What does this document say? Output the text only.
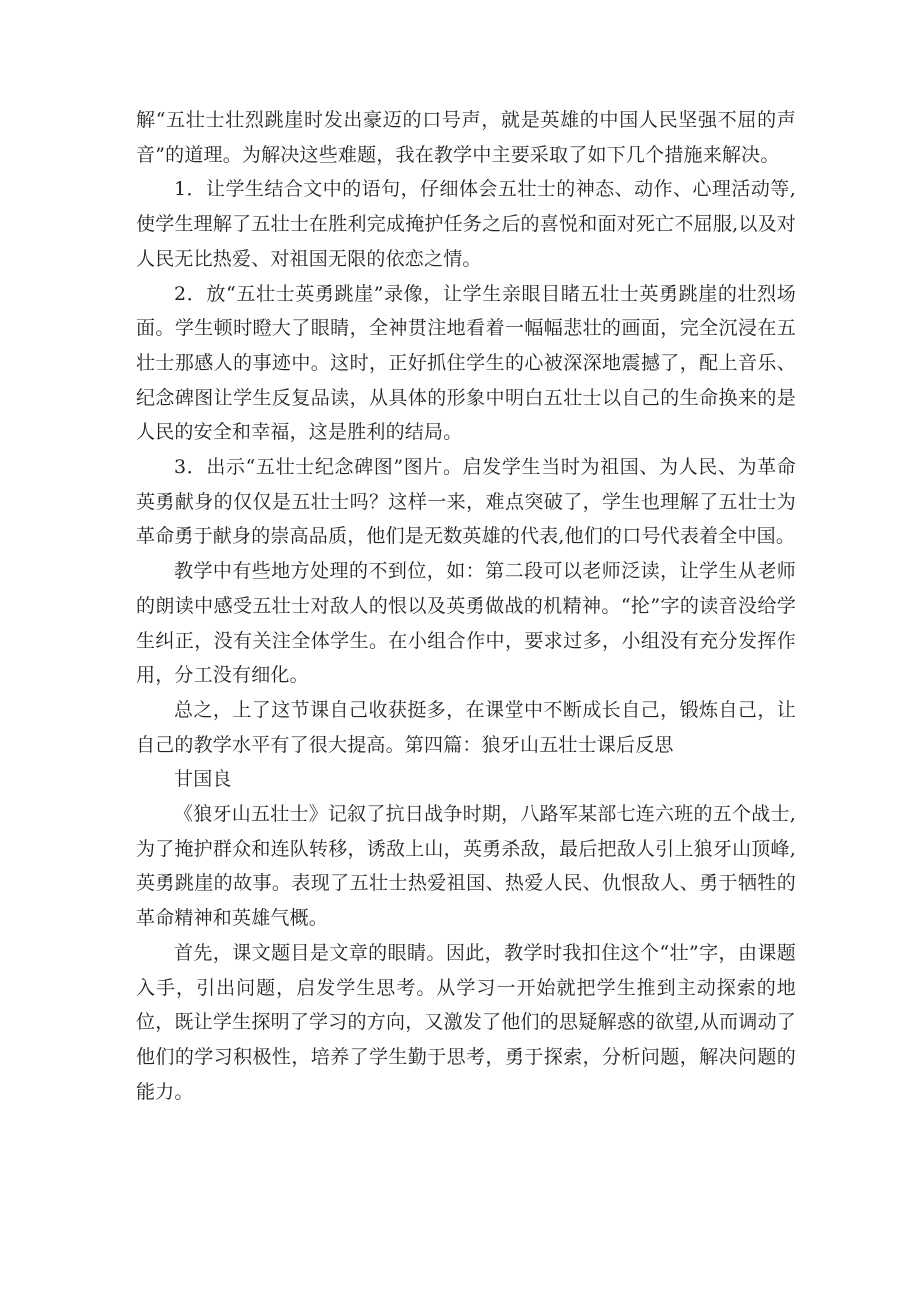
解“五壮士壮烈跳崖时发出豪迈的口号声，就是英雄的中国人民坚强不屈的声音”的道理。为解决这些难题，我在教学中主要采取了如下几个措施来解决。

1．让学生结合文中的语句，仔细体会五壮士的神态、动作、心理活动等,使学生理解了五壮士在胜利完成掩护任务之后的喜悦和面对死亡不屈服,以及对人民无比热爱、对祖国无限的依恋之情。

2．放“五壮士英勇跳崖”录像，让学生亲眼目睹五壮士英勇跳崖的壮烈场面。学生顿时瞪大了眼睛，全神贯注地看着一幅幅悲壮的画面，完全沉浸在五壮士那感人的事迹中。这时，正好抓住学生的心被深深地震撼了，配上音乐、纪念碑图让学生反复品读，从具体的形象中明白五壮士以自己的生命换来的是人民的安全和幸福，这是胜利的结局。

3．出示“五壮士纪念碑图”图片。启发学生当时为祖国、为人民、为革命英勇献身的仅仅是五壮士吗？这样一来，难点突破了，学生也理解了五壮士为革命勇于献身的崇高品质，他们是无数英雄的代表,他们的口号代表着全中国。

教学中有些地方处理的不到位，如：第二段可以老师泛读，让学生从老师的朗读中感受五壮士对敌人的恨以及英勇做战的机精神。“抡”字的读音没给学生纠正，没有关注全体学生。在小组合作中，要求过多，小组没有充分发挥作用，分工没有细化。

总之，上了这节课自己收获挺多，在课堂中不断成长自己，锻炼自己，让自己的教学水平有了很大提高。第四篇：狼牙山五壮士课后反思

甘国良

《狼牙山五壮士》记叙了抗日战争时期，八路军某部七连六班的五个战士,为了掩护群众和连队转移，诱敌上山，英勇杀敌，最后把敌人引上狼牙山顶峰,英勇跳崖的故事。表现了五壮士热爱祖国、热爱人民、仇恨敌人、勇于牺牲的革命精神和英雄气概。

首先，课文题目是文章的眼睛。因此，教学时我扣住这个“壮”字，由课题入手，引出问题，启发学生思考。从学习一开始就把学生推到主动探索的地位，既让学生探明了学习的方向，又激发了他们的思疑解惑的欲望,从而调动了他们的学习积极性，培养了学生勤于思考，勇于探索，分析问题，解决问题的能力。
